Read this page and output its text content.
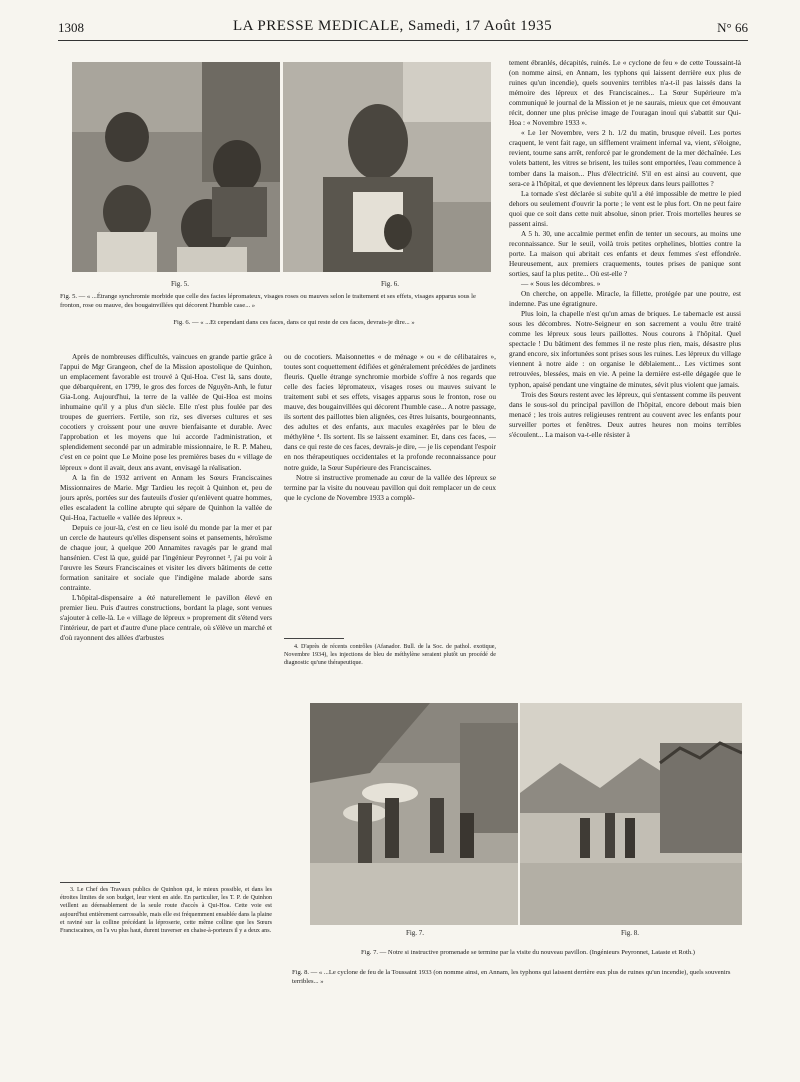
1308	LA PRESSE MEDICALE, Samedi, 17 Août 1935	N° 66
Fig. 5.	Fig. 6.
Fig. 5. — « ...Étrange synchromie morbide que celle des facies lépromateux, visages roses ou mauves selon le traitement et ses effets, visages apparus sous le fronton, rose ou mauve, des bougainvillées qui décorent l'humble case... »
Fig. 6. — « ...Et cependant dans ces faces, dans ce qui reste de ces faces, devrais-je dire... »

Après de nombreuses difficultés, vaincues en grande partie grâce à l'appui de Mgr Grangeon, chef de la Mission apostolique de Quinhon, un emplacement favorable est trouvé à Qui-Hoa. C'est là, sans doute, que débarquèrent, en 1799, le gros des forces de Nguyên-Anh, le futur Gia-Long. Aujourd'hui, la terre de la vallée de Qui-Hoa est moins inhumaine qu'il y a plus d'un siècle. Elle n'est plus foulée par des troupes de guerriers. Fertile, son riz, ses diverses cultures et ses cocotiers y croissent pour une œuvre bienfaisante et durable. Avec l'approbation et les moyens que lui accorde l'administration, et splendidement secondé par un admirable missionnaire, le R. P. Maheu, c'est en ce point que Le Moine pose les premières bases du « village de lépreux » dont il avait, deux ans avant, envisagé la réalisation.

A la fin de 1932 arrivent en Annam les Sœurs Franciscaines Missionnaires de Marie. Mgr Tardieu les reçoit à Quinhon et, peu de jours après, portées sur des fauteuils d'osier qu'enlèvent quatre hommes, elles escaladent la colline abrupte qui sépare de Quinhon la vallée de Qui-Hoa, l'actuelle « vallée des lépreux ».

Depuis ce jour-là, c'est en ce lieu isolé du monde par la mer et par un cercle de hauteurs qu'elles dispensent soins et pansements, héroïsme de chaque jour, à quelque 200 Annamites ravagés par le grand mal hansénien. C'est là que, guidé par l'ingénieur Peyronnet ³, j'ai pu voir à l'œuvre les Sœurs Franciscaines et visiter les divers bâtiments de cette formation sanitaire et sociale que l'indigène malade aborde sans contrainte.

L'hôpital-dispensaire a été naturellement le pavillon élevé en premier lieu. Puis d'autres constructions, bordant la plage, sont venues s'ajouter à celle-là. Le « village de lépreux » proprement dit s'étend vers l'intérieur, de part et d'autre d'une place centrale, où s'élève un marché et d'où rayonnent des allées d'arbustes

3. Le Chef des Travaux publics de Quinhon qui, le mieux possible, et dans les étroites limites de son budget, leur vient en aide. En particulier, les T. P. de Quinhon veillent au déensablement de la seule route d'accès à Qui-Hoa. Cette voie est aujourd'hui entièrement carrossable, mais elle est fréquemment ensablée dans la plaine et raviné sur la colline précédant la léproserie, cette même colline que les Sœurs Franciscaines, on l'a vu plus haut, durent traverser en chaise-à-porteurs il y a deux ans.

ou de cocotiers. Maisonnettes « de ménage » ou « de célibataires », toutes sont coquettement édifiées et généralement précédées de jardinets fleuris. Quelle étrange synchromie morbide s'offre à nos regards que celle des facies lépromateux, visages roses ou mauves suivant le traitement subi et ses effets, visages apparus sous le fronton, rose ou mauve, des bougainvillées qui décorent l'humble case... A notre passage, ils sortent des paillottes bien alignées, ces êtres luisants, bourgeonnants, des adultes et des enfants, aux macules exagérées par le bleu de méthylène ⁴. Ils sortent. Ils se laissent examiner. Et, dans ces faces, — dans ce qui reste de ces faces, devrais-je dire, — je lis cependant l'espoir en nos thérapeutiques occidentales et la profonde reconnaissance pour notre guide, la Sœur Supérieure des Franciscaines.

Notre si instructive promenade au cœur de la vallée des lépreux se termine par la visite du nouveau pavillon qui doit remplacer un de ceux que le cyclone de Novembre 1933 a complè-

4. D'après de récents contrôles (Afanador. Bull. de la Soc. de pathol. exotique, Novembre 1934), les injections de bleu de méthylène seraient plutôt un procédé de diagnostic qu'une thérapeutique.

tement ébranlés, décapités, ruinés. Le « cyclone de feu » de cette Toussaint-là (on nomme ainsi, en Annam, les typhons qui laissent derrière eux plus de ruines qu'un incendie), quels souvenirs terribles n'a-t-il pas laissés dans la mémoire des lépreux et des Franciscaines... La Sœur Supérieure m'a communiqué le journal de la Mission et je ne saurais, mieux que cet émouvant récit, donner une plus précise image de l'ouragan inouï qui s'abattit sur Qui-Hoa : « Novembre 1933 ».

« Le 1er Novembre, vers 2 h. 1/2 du matin, brusque réveil. Les portes craquent, le vent fait rage, un sifflement vraiment infernal va, vient, s'éloigne, revient, tourne sans arrêt, renforcé par le grondement de la mer déchaînée. Les volets battent, les vitres se brisent, les tuiles sont emportées, l'eau commence à tomber dans la maison... Plus d'électricité. S'il en est ainsi au couvent, que sera-ce à l'hôpital, et que deviennent les lépreux dans leurs paillottes ?

La tornade s'est déclarée si subite qu'il a été impossible de mettre le pied dehors ou seulement d'ouvrir la porte ; le vent est le plus fort. On ne peut faire quoi que ce soit dans cette nuit absolue, sinon prier. Trois mortelles heures se passent ainsi.

A 5 h. 30, une accalmie permet enfin de tenter un secours, au moins une reconnaissance. Sur le seuil, voilà trois petites orphelines, blotties contre la porte. La maison qui abritait ces enfants et deux femmes s'est effondrée. Heureusement, aux premiers craquements, toutes prises de panique sont sorties, sauf la plus petite... Où est-elle ?

— « Sous les décombres. »

On cherche, on appelle. Miracle, la fillette, protégée par une poutre, est indemne. Pas une égratignure.

Plus loin, la chapelle n'est qu'un amas de briques. Le tabernacle est aussi sous les décombres. Notre-Seigneur en son sacrement a voulu être traité comme les lépreux sous leurs paillottes. Nous courons à l'hôpital. Quel spectacle ! Du bâtiment des femmes il ne reste plus rien, mais, désastre plus grand encore, six infortunées sont prises sous les ruines. Les lépreux du village viennent à notre aide : on organise le déblaiement... Les victimes sont retrouvées, blessées, mais en vie. A peine la dernière est-elle dégagée que le typhon, apaisé pendant une vingtaine de minutes, sévit plus violent que jamais.

Trois des Sœurs restent avec les lépreux, qui s'entassent comme ils peuvent dans le sous-sol du principal pavillon de l'hôpital, encore debout mais bien menacé ; les trois autres religieuses rentrent au couvent avec les enfants pour surveiller portes et fenêtres. Deux autres heures non moins terribles s'écoulent... La maison va-t-elle résister à

Fig. 7.	Fig. 8.
Fig. 7. — Notre si instructive promenade se termine par la visite du nouveau pavillon. (Ingénieurs Peyronnet, Lataste et Roth.)
Fig. 8. — « ...Le cyclone de feu de la Toussaint 1933 (on nomme ainsi, en Annam, les typhons qui laissent derrière eux plus de ruines qu'un incendie), quels souvenirs terribles... »
